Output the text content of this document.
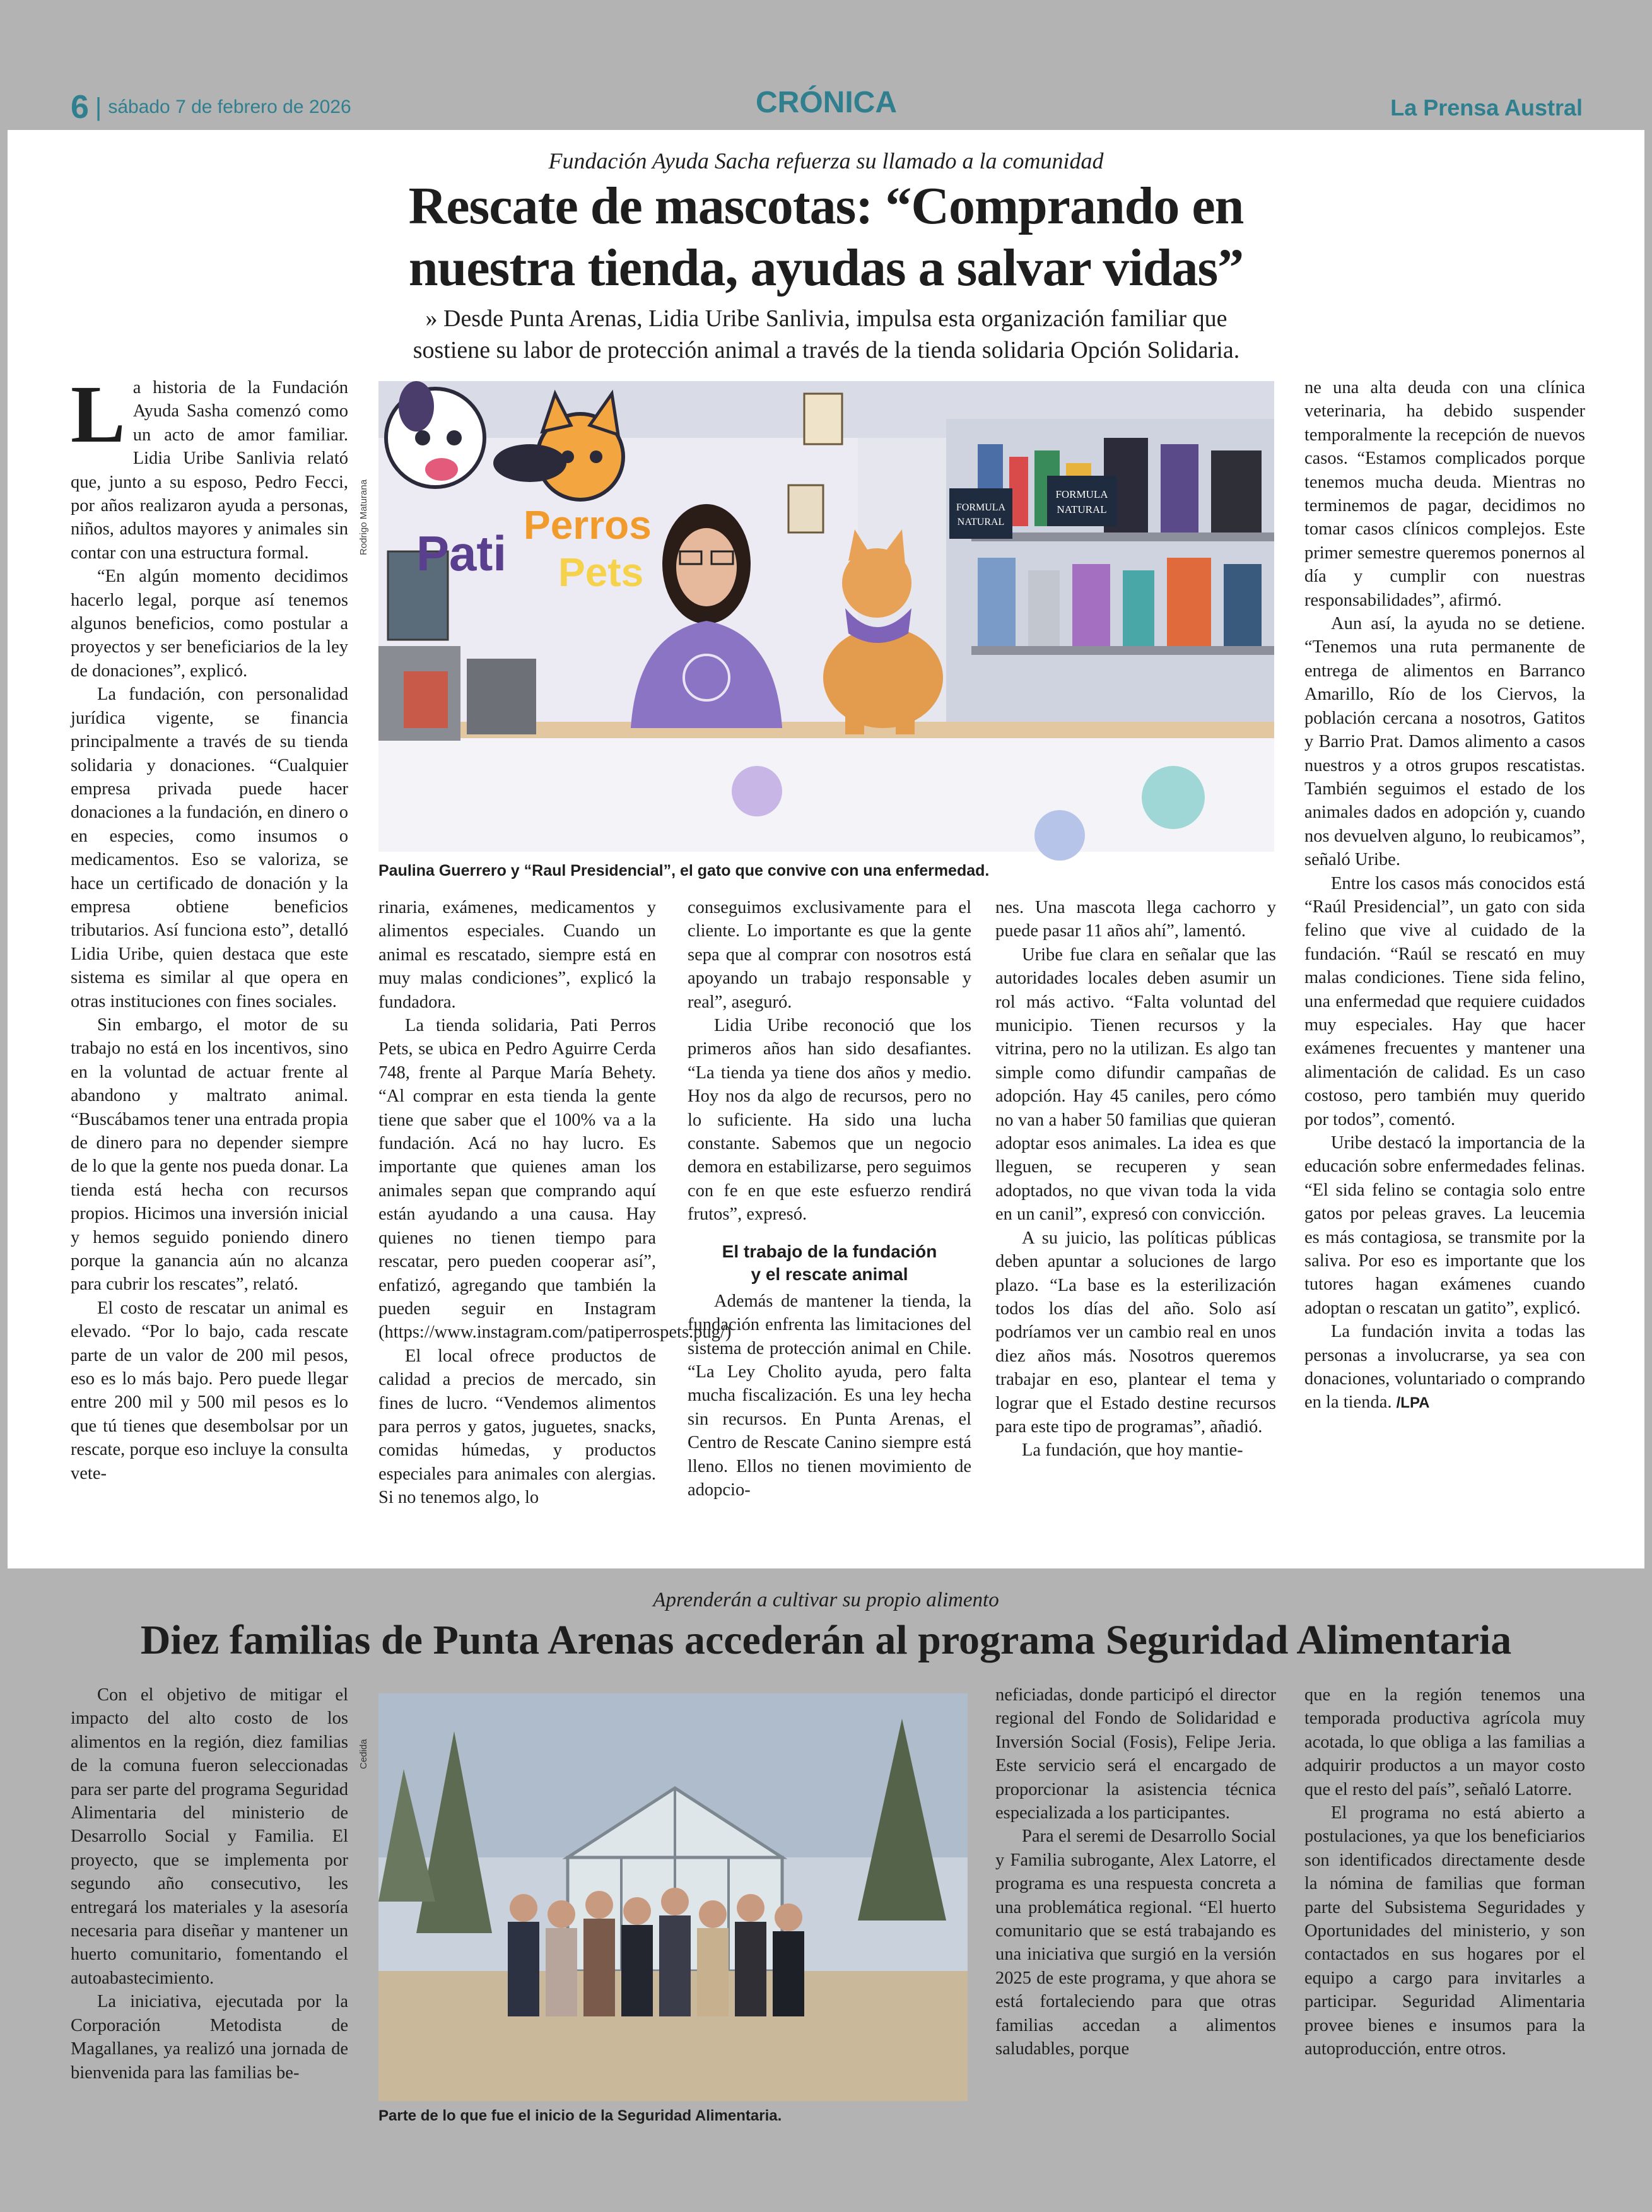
6 | sábado 7 de febrero de 2026	CRÓNICA	La Prensa Austral
Fundación Ayuda Sacha refuerza su llamado a la comunidad
Rescate de mascotas: “Comprando en
nuestra tienda, ayudas a salvar vidas”
» Desde Punta Arenas, Lidia Uribe Sanlivia, impulsa esta organización familiar que
sostiene su labor de protección animal a través de la tienda solidaria Opción Solidaria.

La historia de la Fundación Ayuda Sasha comenzó como un acto de amor familiar. Lidia Uribe Sanlivia relató que, junto a su esposo, Pedro Fecci, por años realizaron ayuda a personas, niños, adultos mayores y animales sin contar con una estructura formal.

“En algún momento decidimos hacerlo legal, porque así tenemos algunos beneficios, como postular a proyectos y ser beneficiarios de la ley de donaciones”, explicó.

La fundación, con personalidad jurídica vigente, se financia principalmente a través de su tienda solidaria y donaciones. “Cualquier empresa privada puede hacer donaciones a la fundación, en dinero o en especies, como insumos o medicamentos. Eso se valoriza, se hace un certificado de donación y la empresa obtiene beneficios tributarios. Así funciona esto”, detalló Lidia Uribe, quien destaca que este sistema es similar al que opera en otras instituciones con fines sociales.

Sin embargo, el motor de su trabajo no está en los incentivos, sino en la voluntad de actuar frente al abandono y maltrato animal. “Buscábamos tener una entrada propia de dinero para no depender siempre de lo que la gente nos pueda donar. La tienda está hecha con recursos propios. Hicimos una inversión inicial y hemos seguido poniendo dinero porque la ganancia aún no alcanza para cubrir los rescates”, relató.

El costo de rescatar un animal es elevado. “Por lo bajo, cada rescate parte de un valor de 200 mil pesos, eso es lo más bajo. Pero puede llegar entre 200 mil y 500 mil pesos es lo que tú tienes que desembolsar por un rescate, porque eso incluye la consulta vete-

Rodrigo Maturana	FORMULA
NATURAL
FORMULA
NATURAL
Pati
Perros
Pets
Paulina Guerrero y “Raul Presidencial”, el gato que convive con una enfermedad.

rinaria, exámenes, medicamentos y alimentos especiales. Cuando un animal es rescatado, siempre está en muy malas condiciones”, explicó la fundadora.

La tienda solidaria, Pati Perros Pets, se ubica en Pedro Aguirre Cerda 748, frente al Parque María Behety. “Al comprar en esta tienda la gente tiene que saber que el 100% va a la fundación. Acá no hay lucro. Es importante que quienes aman los animales sepan que comprando aquí están ayudando a una causa. Hay quienes no tienen tiempo para rescatar, pero pueden cooperar así”, enfatizó, agregando que también la pueden seguir en Instagram (https://www.instagram.com/patiperrospets.pug/)

El local ofrece productos de calidad a precios de mercado, sin fines de lucro. “Vendemos alimentos para perros y gatos, juguetes, snacks, comidas húmedas, y productos especiales para animales con alergias. Si no tenemos algo, lo

conseguimos exclusivamente para el cliente. Lo importante es que la gente sepa que al comprar con nosotros está apoyando un trabajo responsable y real”, aseguró.

Lidia Uribe reconoció que los primeros años han sido desafiantes. “La tienda ya tiene dos años y medio. Hoy nos da algo de recursos, pero no lo suficiente. Ha sido una lucha constante. Sabemos que un negocio demora en estabilizarse, pero seguimos con fe en que este esfuerzo rendirá frutos”, expresó.

El trabajo de la fundación
y el rescate animal

Además de mantener la tienda, la fundación enfrenta las limitaciones del sistema de protección animal en Chile. “La Ley Cholito ayuda, pero falta mucha fiscalización. Es una ley hecha sin recursos. En Punta Arenas, el Centro de Rescate Canino siempre está lleno. Ellos no tienen movimiento de adopcio-

nes. Una mascota llega cachorro y puede pasar 11 años ahí”, lamentó.

Uribe fue clara en señalar que las autoridades locales deben asumir un rol más activo. “Falta voluntad del municipio. Tienen recursos y la vitrina, pero no la utilizan. Es algo tan simple como difundir campañas de adopción. Hay 45 caniles, pero cómo no van a haber 50 familias que quieran adoptar esos animales. La idea es que lleguen, se recuperen y sean adoptados, no que vivan toda la vida en un canil”, expresó con convicción.

A su juicio, las políticas públicas deben apuntar a soluciones de largo plazo. “La base es la esterilización todos los días del año. Solo así podríamos ver un cambio real en unos diez años más. Nosotros queremos trabajar en eso, plantear el tema y lograr que el Estado destine recursos para este tipo de programas”, añadió.

La fundación, que hoy mantie-

ne una alta deuda con una clínica veterinaria, ha debido suspender temporalmente la recepción de nuevos casos. “Estamos complicados porque tenemos mucha deuda. Mientras no terminemos de pagar, decidimos no tomar casos clínicos complejos. Este primer semestre queremos ponernos al día y cumplir con nuestras responsabilidades”, afirmó.

Aun así, la ayuda no se detiene. “Tenemos una ruta permanente de entrega de alimentos en Barranco Amarillo, Río de los Ciervos, la población cercana a nosotros, Gatitos y Barrio Prat. Damos alimento a casos nuestros y a otros grupos rescatistas. También seguimos el estado de los animales dados en adopción y, cuando nos devuelven alguno, lo reubicamos”, señaló Uribe.

Entre los casos más conocidos está “Raúl Presidencial”, un gato con sida felino que vive al cuidado de la fundación. “Raúl se rescató en muy malas condiciones. Tiene sida felino, una enfermedad que requiere cuidados muy especiales. Hay que hacer exámenes frecuentes y mantener una alimentación de calidad. Es un caso costoso, pero también muy querido por todos”, comentó.

Uribe destacó la importancia de la educación sobre enfermedades felinas. “El sida felino se contagia solo entre gatos por peleas graves. La leucemia es más contagiosa, se transmite por la saliva. Por eso es importante que los tutores hagan exámenes cuando adoptan o rescatan un gatito”, explicó.

La fundación invita a todas las personas a involucrarse, ya sea con donaciones, voluntariado o comprando en la tienda. /LPA

Aprenderán a cultivar su propio alimento
Diez familias de Punta Arenas accederán al programa Seguridad Alimentaria

Con el objetivo de mitigar el impacto del alto costo de los alimentos en la región, diez familias de la comuna fueron seleccionadas para ser parte del programa Seguridad Alimentaria del ministerio de Desarrollo Social y Familia. El proyecto, que se implementa por segundo año consecutivo, les entregará los materiales y la asesoría necesaria para diseñar y mantener un huerto comunitario, fomentando el autoabastecimiento.

La iniciativa, ejecutada por la Corporación Metodista de Magallanes, ya realizó una jornada de bienvenida para las familias be-

Cedida
Parte de lo que fue el inicio de la Seguridad Alimentaria.

neficiadas, donde participó el director regional del Fondo de Solidaridad e Inversión Social (Fosis), Felipe Jeria. Este servicio será el encargado de proporcionar la asistencia técnica especializada a los participantes.

Para el seremi de Desarrollo Social y Familia subrogante, Alex Latorre, el programa es una respuesta concreta a una problemática regional. “El huerto comunitario que se está trabajando es una iniciativa que surgió en la versión 2025 de este programa, y que ahora se está fortaleciendo para que otras familias accedan a alimentos saludables, porque

que en la región tenemos una temporada productiva agrícola muy acotada, lo que obliga a las familias a adquirir productos a un mayor costo que el resto del país”, señaló Latorre.

El programa no está abierto a postulaciones, ya que los beneficiarios son identificados directamente desde la nómina de familias que forman parte del Subsistema Seguridades y Oportunidades del ministerio, y son contactados en sus hogares por el equipo a cargo para invitarles a participar. Seguridad Alimentaria provee bienes e insumos para la autoproducción, entre otros.
